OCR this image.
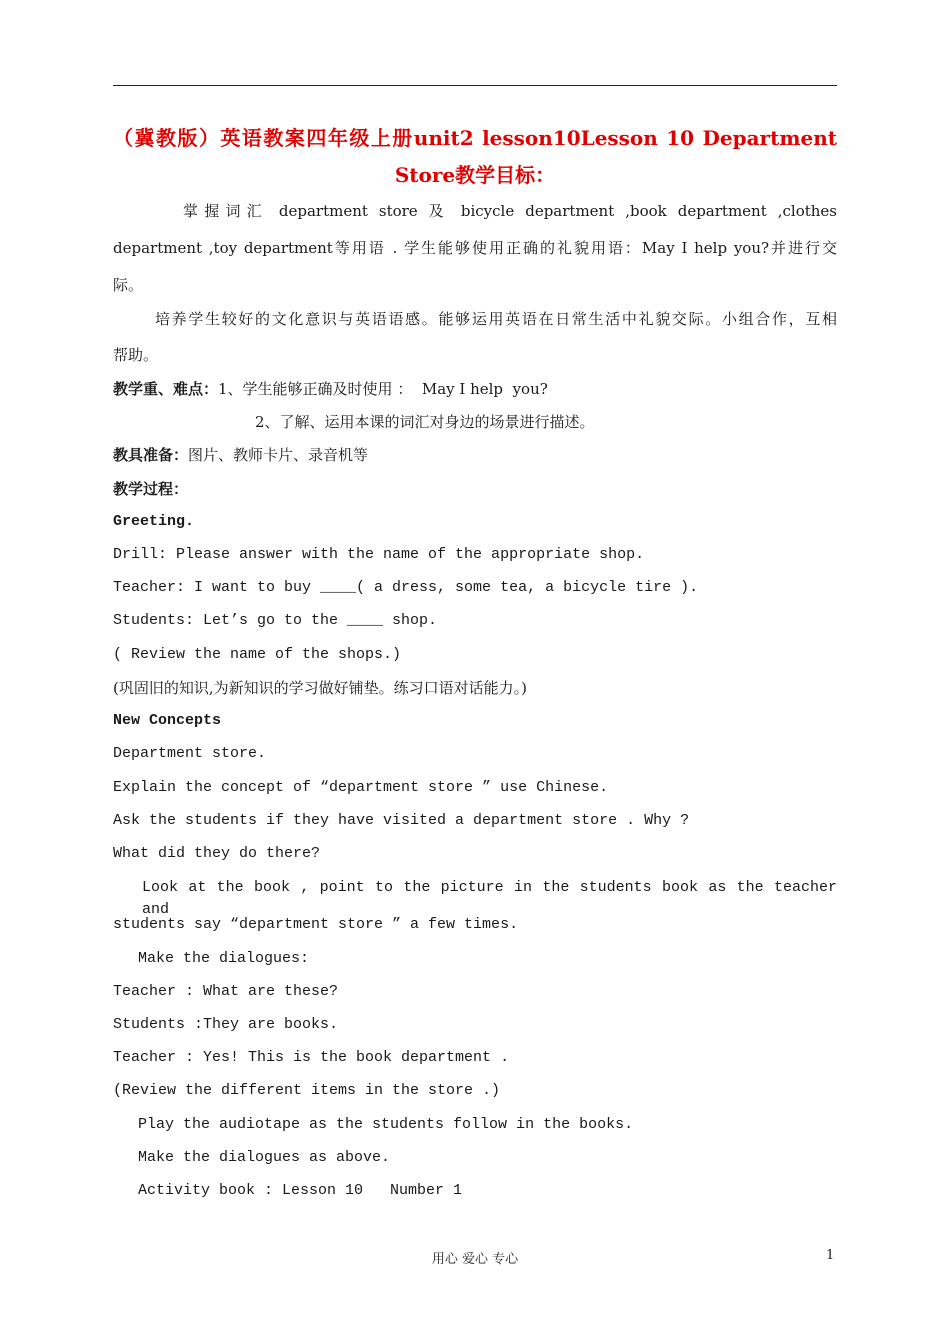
（冀教版）英语教案四年级上册unit2 lesson10Lesson 10 Department
Store教学目标：
掌握词汇 department store 及 bicycle department ,book department ,clothes
department ,toy department等用语 . 学生能够使用正确的礼貌用语：May I help you?并进行交
际。
培养学生较好的文化意识与英语语感。能够运用英语在日常生活中礼貌交际。小组合作，互相
帮助。
教学重、难点：1、学生能够正确及时使用 ：  May I help  you?
2、了解、运用本课的词汇对身边的场景进行描述。
教具准备：图片、教师卡片、录音机等
教学过程：
Greeting.
Drill: Please answer with the name of the appropriate shop.
Teacher: I want to buy ____( a dress, some tea, a bicycle tire ).
Students: Let’s go to the ____ shop.
( Review the name of the shops.)
(巩固旧的知识,为新知识的学习做好铺垫。练习口语对话能力。)
New Concepts
Department store.
Explain the concept of “department store ” use Chinese.
Ask the students if they have visited a department store . Why ?
What did they do there?
Look at the book , point to the picture in the students book as the teacher and
students say “department store ” a few times.
Make the dialogues:
Teacher : What are these?
Students :They are books.
Teacher : Yes! This is the book department .
(Review the different items in the store .)
Play the audiotape as the students follow in the books.
Make the dialogues as above.
Activity book : Lesson 10   Number 1
用心 爱心 专心	1
